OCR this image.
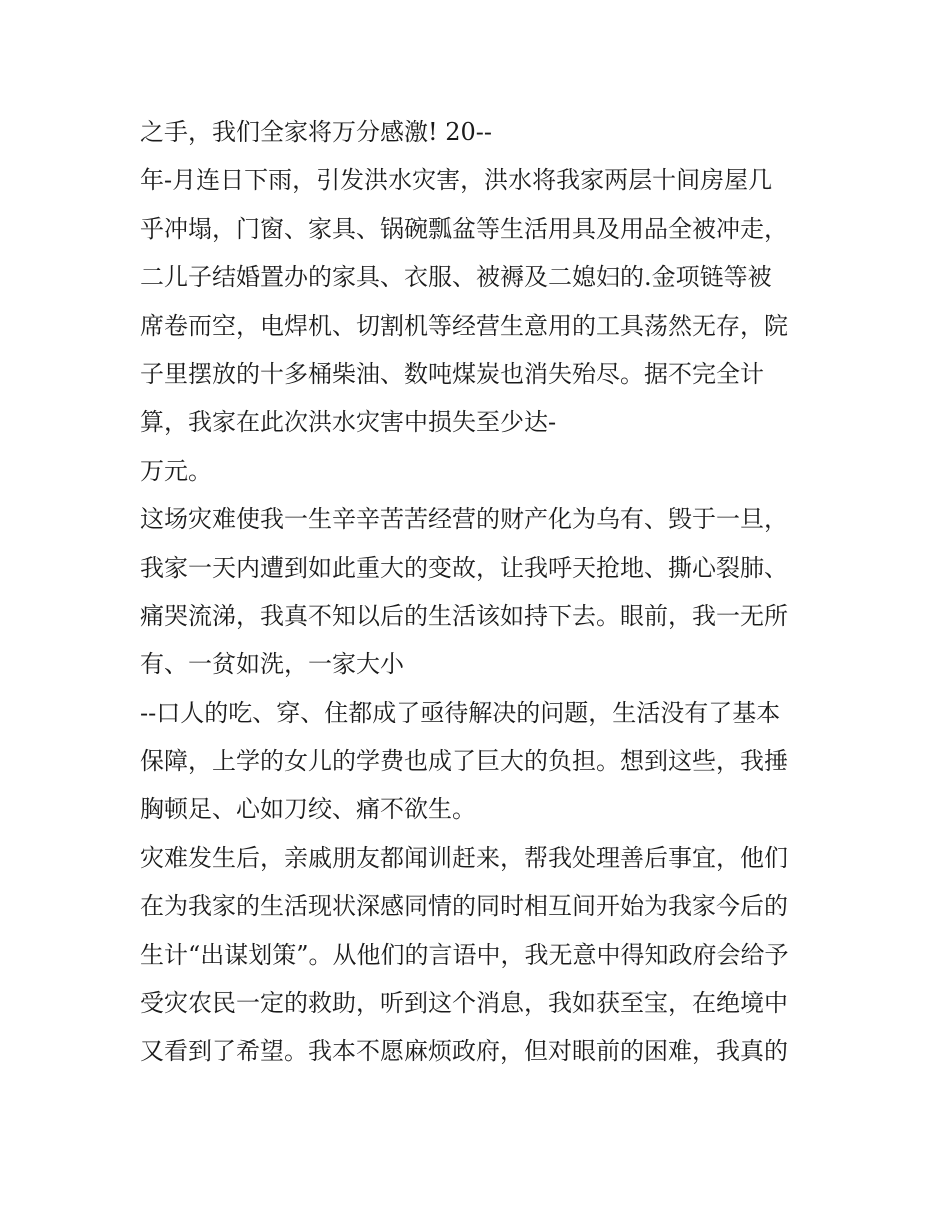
之手，我们全家将万分感激! 20--
年-月连日下雨，引发洪水灾害，洪水将我家两层十间房屋几
乎冲塌，门窗、家具、锅碗瓢盆等生活用具及用品全被冲走，
二儿子结婚置办的家具、衣服、被褥及二媳妇的.金项链等被
席卷而空，电焊机、切割机等经营生意用的工具荡然无存，院
子里摆放的十多桶柴油、数吨煤炭也消失殆尽。据不完全计
算，我家在此次洪水灾害中损失至少达-
万元。
这场灾难使我一生辛辛苦苦经营的财产化为乌有、毁于一旦，
我家一天内遭到如此重大的变故，让我呼天抢地、撕心裂肺、
痛哭流涕，我真不知以后的生活该如持下去。眼前，我一无所
有、一贫如洗，一家大小
--口人的吃、穿、住都成了亟待解决的问题，生活没有了基本
保障，上学的女儿的学费也成了巨大的负担。想到这些，我捶
胸顿足、心如刀绞、痛不欲生。
灾难发生后，亲戚朋友都闻训赶来，帮我处理善后事宜，他们
在为我家的生活现状深感同情的同时相互间开始为我家今后的
生计“出谋划策”。从他们的言语中，我无意中得知政府会给予
受灾农民一定的救助，听到这个消息，我如获至宝，在绝境中
又看到了希望。我本不愿麻烦政府，但对眼前的困难，我真的
